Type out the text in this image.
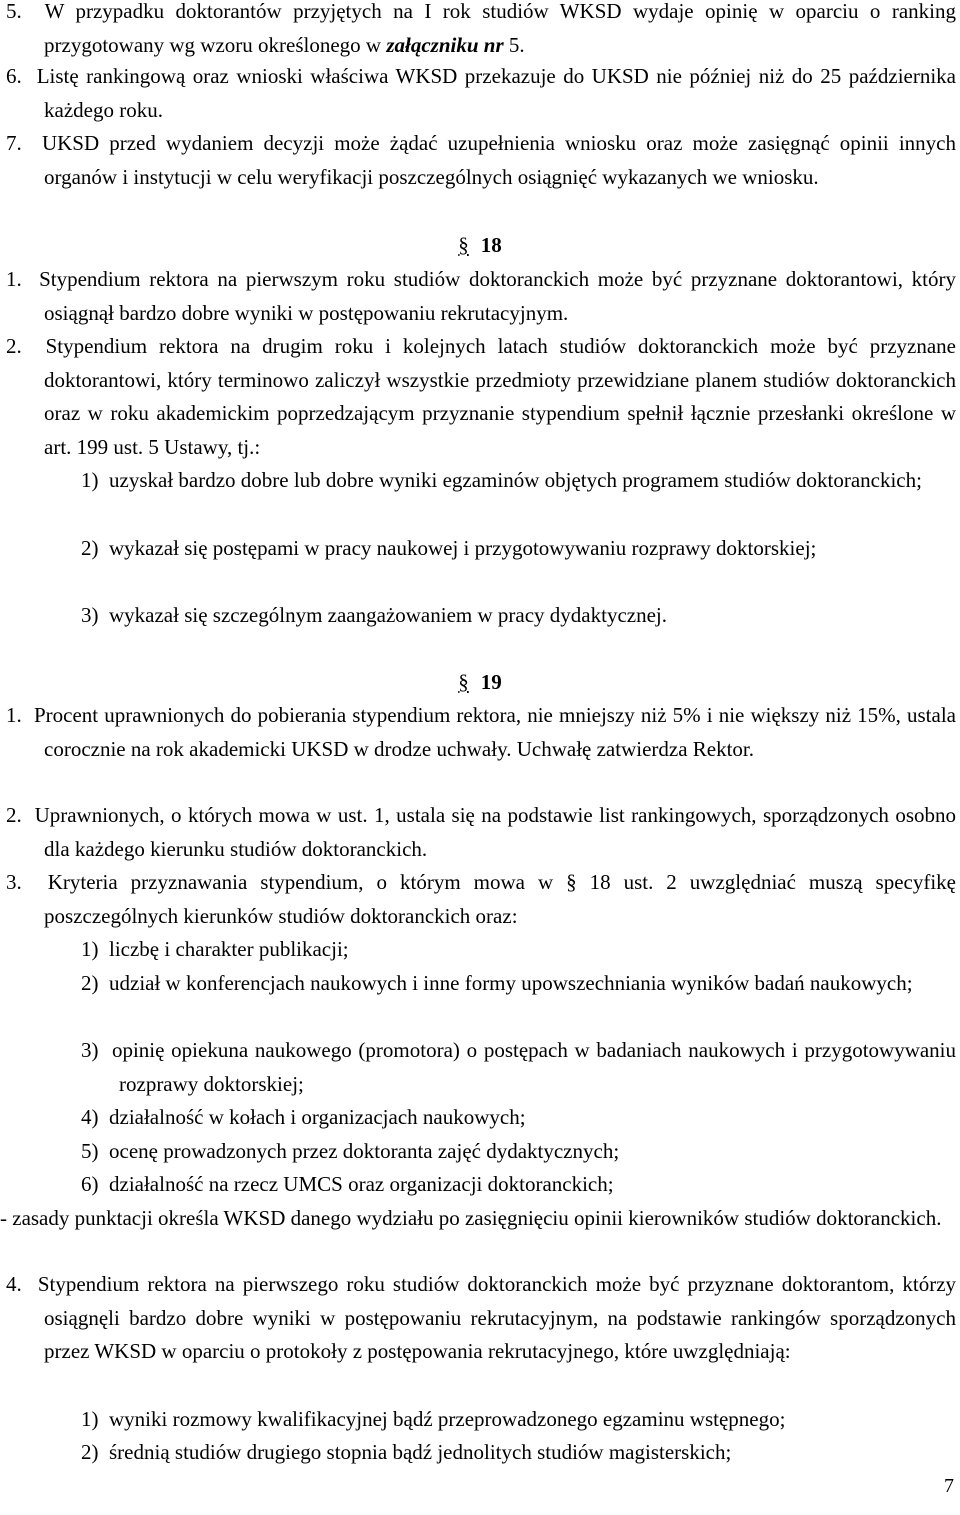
5. W przypadku doktorantów przyjętych na I rok studiów WKSD wydaje opinię w oparciu o ranking przygotowany wg wzoru określonego w załączniku nr 5.
6. Listę rankingową oraz wnioski właściwa WKSD przekazuje do UKSD nie później niż do 25 października każdego roku.
7. UKSD przed wydaniem decyzji może żądać uzupełnienia wniosku oraz może zasięgnąć opinii innych organów i instytucji w celu weryfikacji poszczególnych osiągnięć wykazanych we wniosku.
§ 18
1. Stypendium rektora na pierwszym roku studiów doktoranckich może być przyznane doktorantowi, który osiągnął bardzo dobre wyniki w postępowaniu rekrutacyjnym.
2. Stypendium rektora na drugim roku i kolejnych latach studiów doktoranckich może być przyznane doktorantowi, który terminowo zaliczył wszystkie przedmioty przewidziane planem studiów doktoranckich oraz w roku akademickim poprzedzającym przyznanie stypendium spełnił łącznie przesłanki określone w art. 199 ust. 5 Ustawy, tj.:
1) uzyskał bardzo dobre lub dobre wyniki egzaminów objętych programem studiów doktoranckich;
2) wykazał się postępami w pracy naukowej i przygotowywaniu rozprawy doktorskiej;
3) wykazał się szczególnym zaangażowaniem w pracy dydaktycznej.
§ 19
1. Procent uprawnionych do pobierania stypendium rektora, nie mniejszy niż 5% i nie większy niż 15%, ustala corocznie na rok akademicki UKSD w drodze uchwały. Uchwałę zatwierdza Rektor.
2. Uprawnionych, o których mowa w ust. 1, ustala się na podstawie list rankingowych, sporządzonych osobno dla każdego kierunku studiów doktoranckich.
3. Kryteria przyznawania stypendium, o którym mowa w § 18 ust. 2 uwzględniać muszą specyfikę poszczególnych kierunków studiów doktoranckich oraz:
1) liczbę i charakter publikacji;
2) udział w konferencjach naukowych i inne formy upowszechniania wyników badań naukowych;
3) opinię opiekuna naukowego (promotora) o postępach w badaniach naukowych i przygotowywaniu rozprawy doktorskiej;
4) działalność w kołach i organizacjach naukowych;
5) ocenę prowadzonych przez doktoranta zajęć dydaktycznych;
6) działalność na rzecz UMCS oraz organizacji doktoranckich;
- zasady punktacji określa WKSD danego wydziału po zasięgnięciu opinii kierowników studiów doktoranckich.
4. Stypendium rektora na pierwszego roku studiów doktoranckich może być przyznane doktorantom, którzy osiągnęli bardzo dobre wyniki w postępowaniu rekrutacyjnym, na podstawie rankingów sporządzonych przez WKSD w oparciu o protokoły z postępowania rekrutacyjnego, które uwzględniają:
1) wyniki rozmowy kwalifikacyjnej bądź przeprowadzonego egzaminu wstępnego;
2) średnią studiów drugiego stopnia bądź jednolitych studiów magisterskich;
7
